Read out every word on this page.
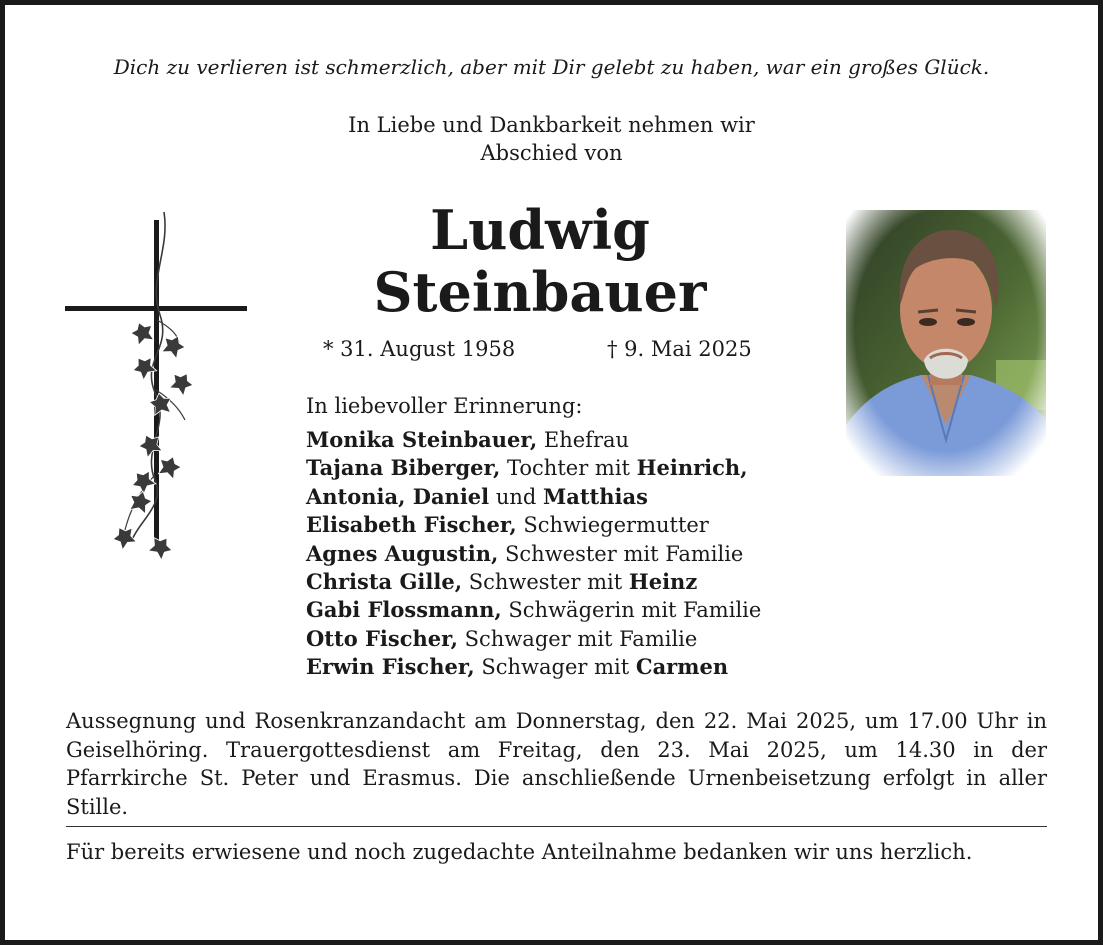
Dich zu verlieren ist schmerzlich, aber mit Dir gelebt zu haben, war ein großes Glück.
In Liebe und Dankbarkeit nehmen wir
Abschied von
Ludwig
Steinbauer
* 31. August 1958	† 9. Mai 2025
In liebevoller Erinnerung:
Monika Steinbauer, Ehefrau
Tajana Biberger, Tochter mit Heinrich,
Antonia, Daniel und Matthias
Elisabeth Fischer, Schwiegermutter
Agnes Augustin, Schwester mit Familie
Christa Gille, Schwester mit Heinz
Gabi Flossmann, Schwägerin mit Familie
Otto Fischer, Schwager mit Familie
Erwin Fischer, Schwager mit Carmen

Aussegnung und Rosenkranzandacht am Donnerstag, den 22. Mai 2025, um 17.00 Uhr in Geiselhöring. Trauergottesdienst am Freitag, den 23. Mai 2025, um 14.30 in der Pfarrkirche St. Peter und Erasmus. Die anschließende Urnenbeisetzung erfolgt in aller Stille.

Für bereits erwiesene und noch zugedachte Anteilnahme bedanken wir uns herzlich.
